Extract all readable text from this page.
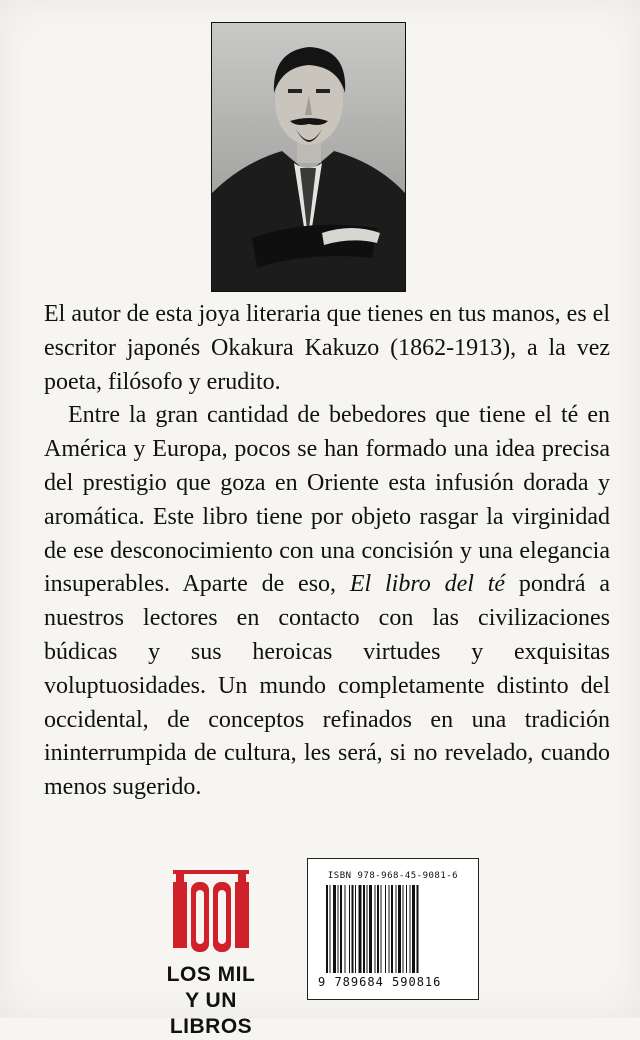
El autor de esta joya literaria que tienes en tus manos, es el escritor japonés Okakura Kakuzo (1862-1913), a la vez poeta, filósofo y erudito.

Entre la gran cantidad de bebedores que tiene el té en América y Europa, pocos se han formado una idea precisa del prestigio que goza en Oriente esta infusión dorada y aromática. Este libro tiene por objeto rasgar la virginidad de ese desconocimiento con una concisión y una elegancia insuperables. Aparte de eso, El libro del té pondrá a nuestros lectores en contacto con las civilizaciones búdicas y sus heroicas virtudes y exquisitas voluptuosidades. Un mundo completamente distinto del occidental, de conceptos refinados en una tradición ininterrumpida de cultura, les será, si no revelado, cuando menos sugerido.

LOS MIL
Y UN LIBROS
ISBN 978-968-45-9081-6
9 789684 590816
